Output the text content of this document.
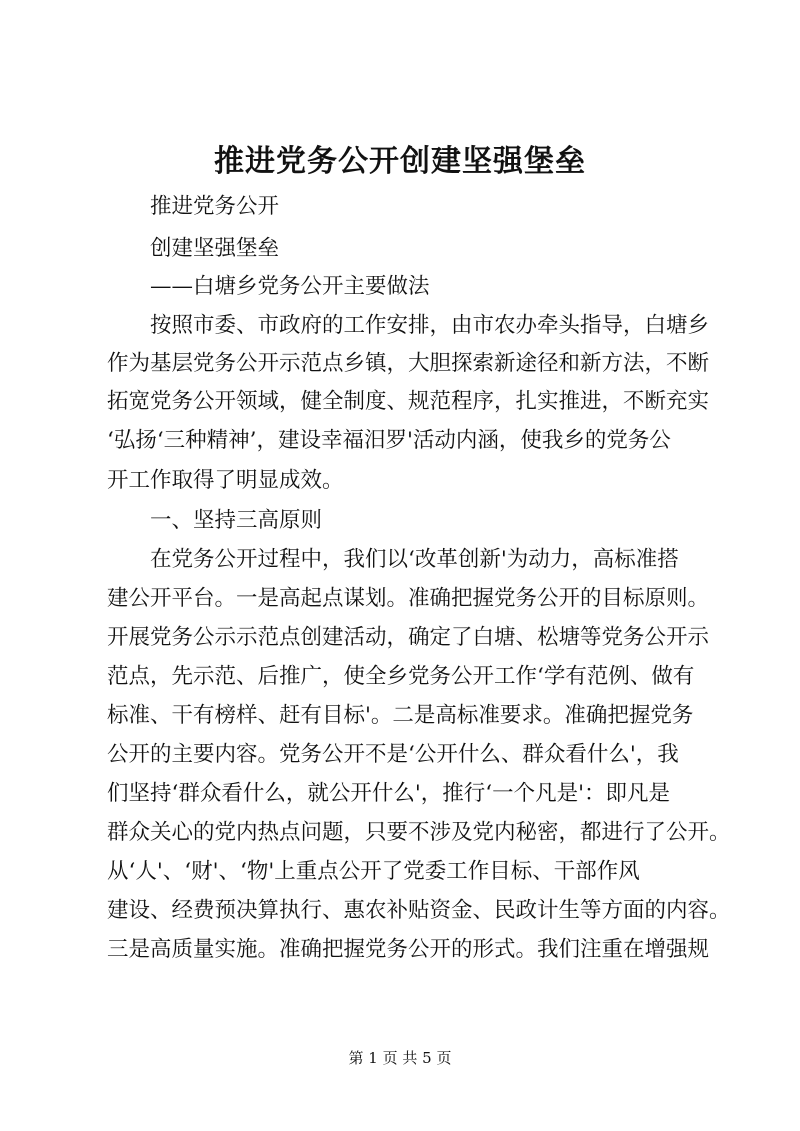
推进党务公开创建坚强堡垒

推进党务公开

创建坚强堡垒

——白塘乡党务公开主要做法

按照市委、市政府的工作安排，由市农办牵头指导，白塘乡

作为基层党务公开示范点乡镇，大胆探索新途径和新方法，不断

拓宽党务公开领域，健全制度、规范程序，扎实推进，不断充实

‘弘扬‘三种精神’，建设幸福汨罗'活动内涵，使我乡的党务公

开工作取得了明显成效。

一、坚持三高原则

在党务公开过程中，我们以‘改革创新'为动力，高标准搭

建公开平台。一是高起点谋划。准确把握党务公开的目标原则。

开展党务公示示范点创建活动，确定了白塘、松塘等党务公开示

范点，先示范、后推广，使全乡党务公开工作‘学有范例、做有

标准、干有榜样、赶有目标'。二是高标准要求。准确把握党务

公开的主要内容。党务公开不是‘公开什么、群众看什么'，我

们坚持‘群众看什么，就公开什么'，推行‘一个凡是'：即凡是

群众关心的党内热点问题，只要不涉及党内秘密，都进行了公开。

从‘人'、‘财'、‘物'上重点公开了党委工作目标、干部作风

建设、经费预决算执行、惠农补贴资金、民政计生等方面的内容。

三是高质量实施。准确把握党务公开的形式。我们注重在增强规

第 1 页 共 5 页
